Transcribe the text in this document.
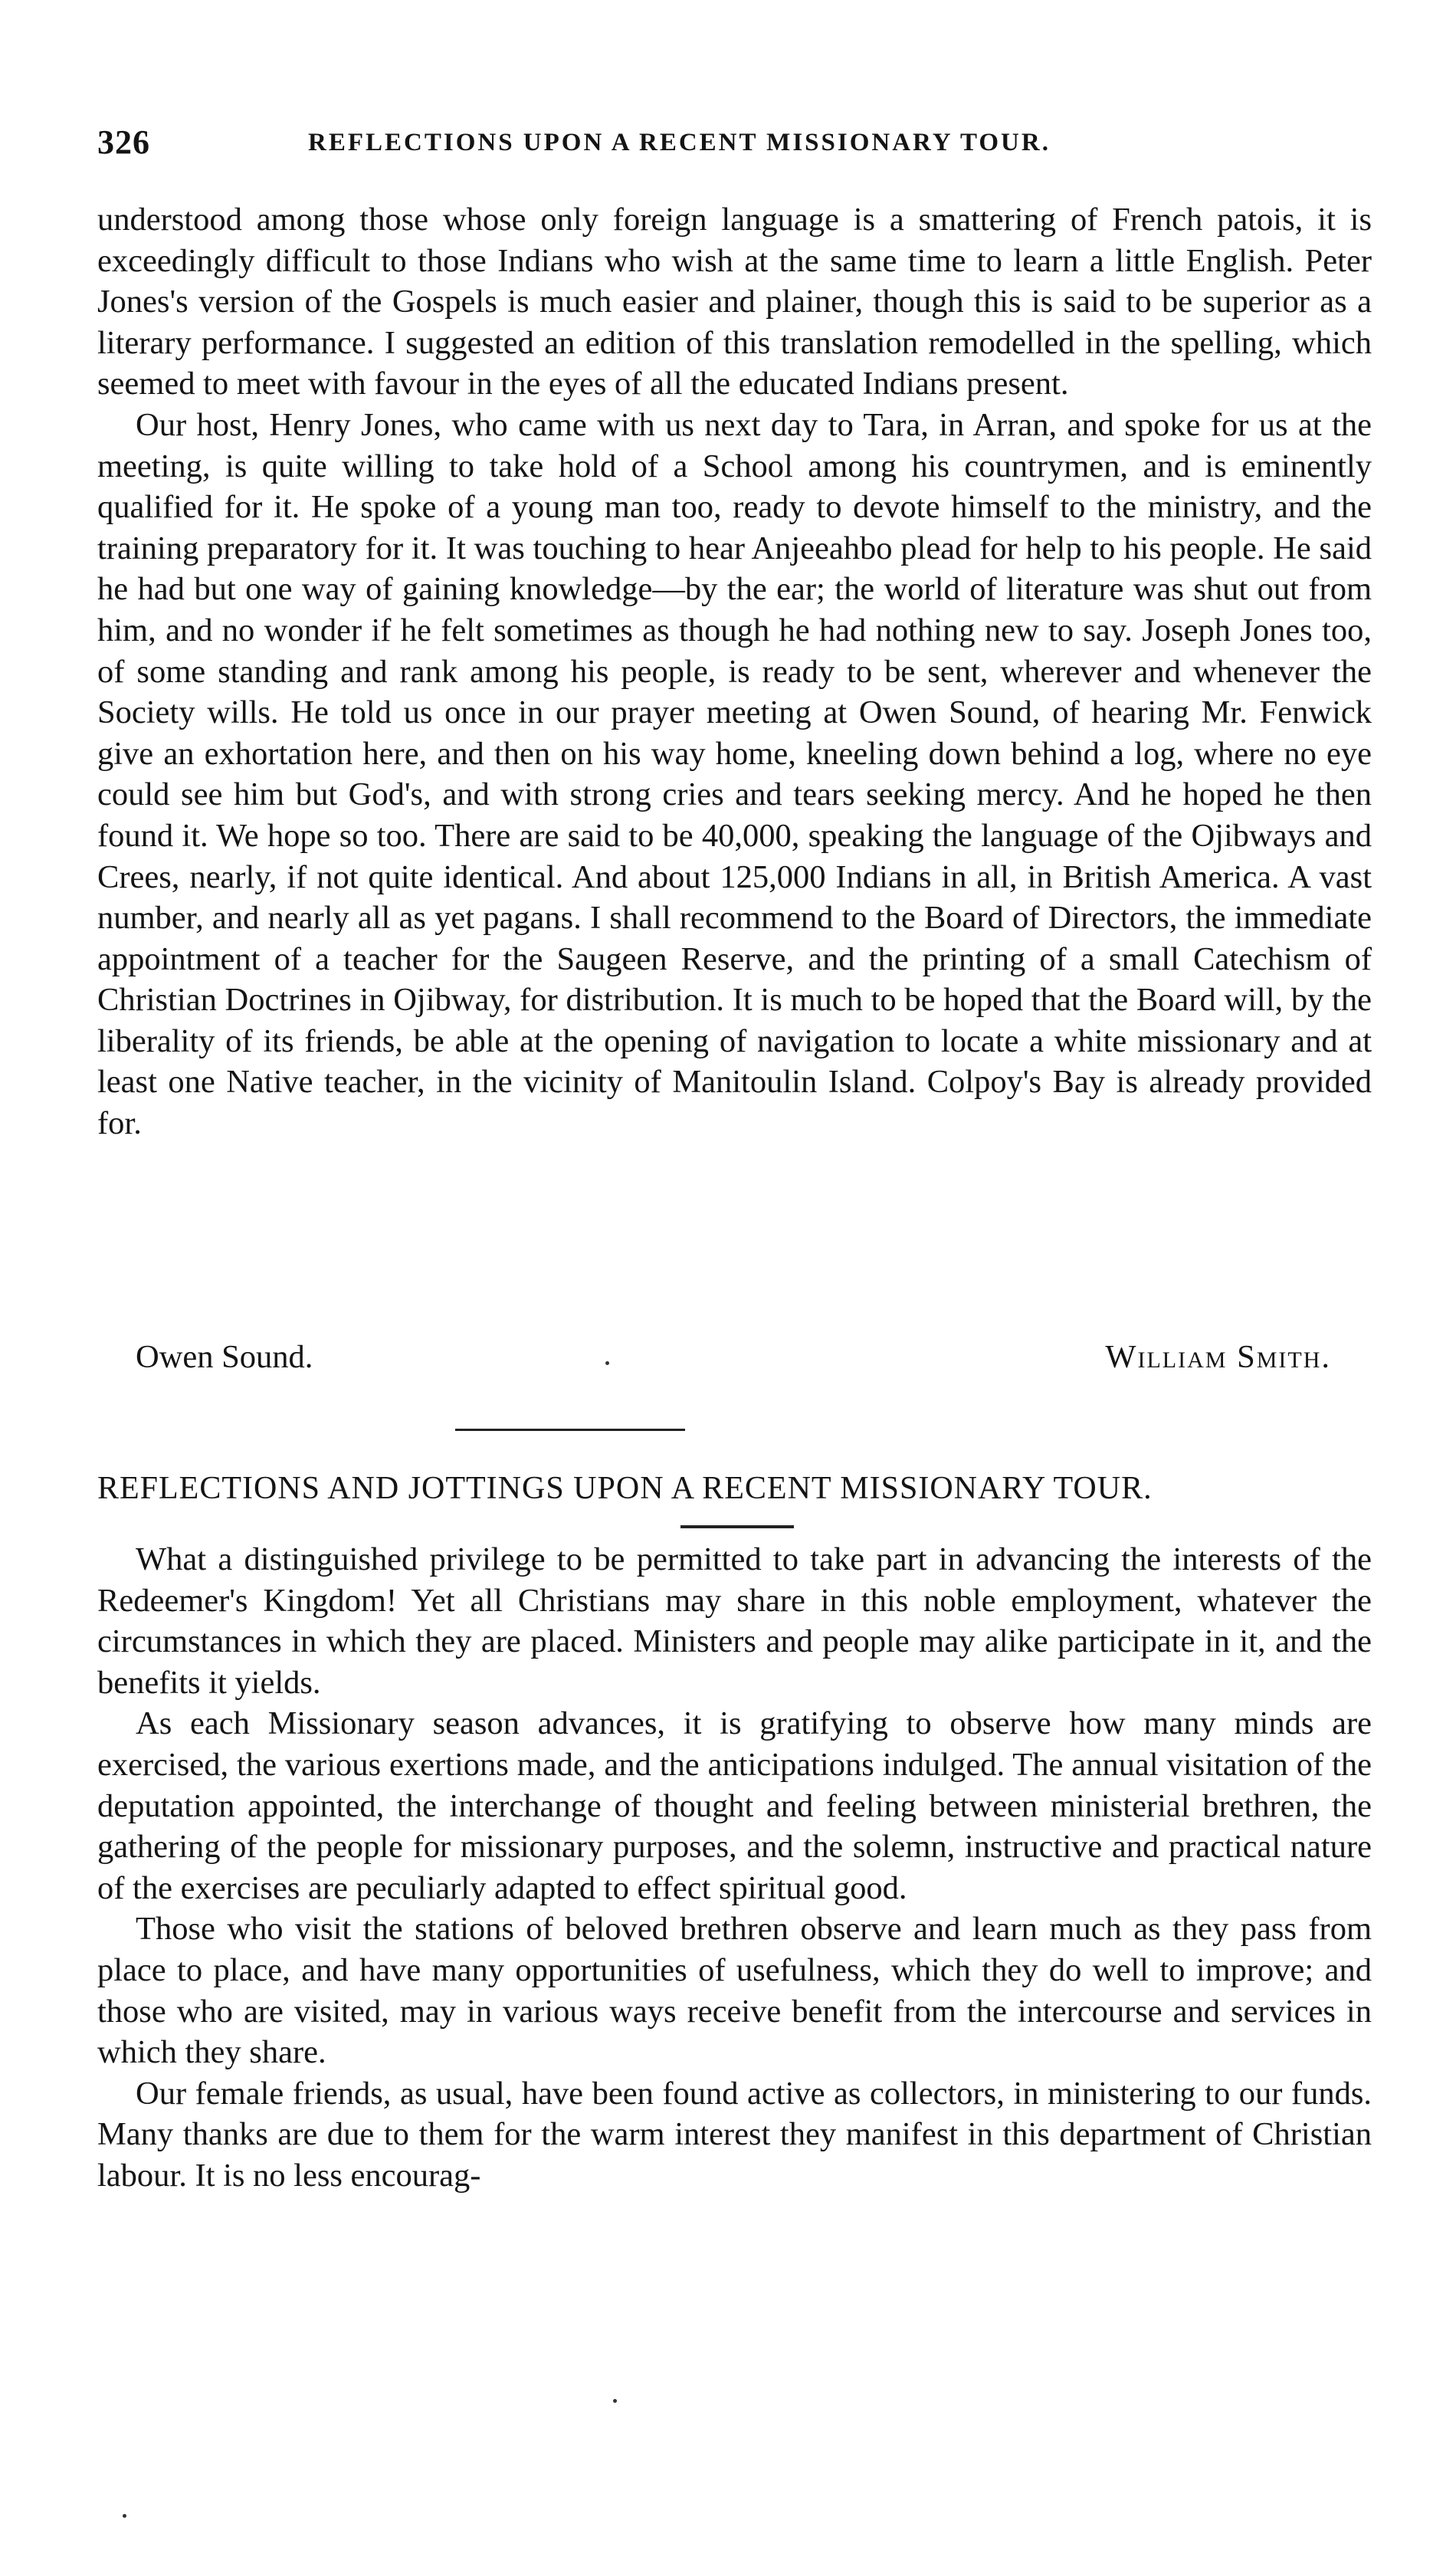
326	REFLECTIONS UPON A RECENT MISSIONARY TOUR.

understood among those whose only foreign language is a smattering of French patois, it is exceedingly difficult to those Indians who wish at the same time to learn a little English. Peter Jones's version of the Gospels is much easier and plainer, though this is said to be superior as a literary performance. I suggested an edition of this translation remodelled in the spelling, which seemed to meet with favour in the eyes of all the educated Indians present.

Our host, Henry Jones, who came with us next day to Tara, in Arran, and spoke for us at the meeting, is quite willing to take hold of a School among his countrymen, and is eminently qualified for it. He spoke of a young man too, ready to devote himself to the ministry, and the training preparatory for it. It was touching to hear Anjeeahbo plead for help to his people. He said he had but one way of gaining knowledge—by the ear; the world of literature was shut out from him, and no wonder if he felt sometimes as though he had nothing new to say. Joseph Jones too, of some standing and rank among his people, is ready to be sent, wherever and whenever the Society wills. He told us once in our prayer meeting at Owen Sound, of hearing Mr. Fenwick give an exhortation here, and then on his way home, kneeling down behind a log, where no eye could see him but God's, and with strong cries and tears seeking mercy. And he hoped he then found it. We hope so too. There are said to be 40,000, speaking the language of the Ojibways and Crees, nearly, if not quite identical. And about 125,000 Indians in all, in British America. A vast number, and nearly all as yet pagans. I shall recommend to the Board of Directors, the immediate appointment of a teacher for the Saugeen Reserve, and the printing of a small Catechism of Christian Doctrines in Ojibway, for distribution. It is much to be hoped that the Board will, by the liberality of its friends, be able at the opening of navigation to locate a white missionary and at least one Native teacher, in the vicinity of Manitoulin Island. Colpoy's Bay is already provided for.

Owen Sound.	William Smith.
REFLECTIONS AND JOTTINGS UPON A RECENT MISSIONARY TOUR.

What a distinguished privilege to be permitted to take part in advancing the interests of the Redeemer's Kingdom! Yet all Christians may share in this noble employment, whatever the circumstances in which they are placed. Ministers and people may alike participate in it, and the benefits it yields.

As each Missionary season advances, it is gratifying to observe how many minds are exercised, the various exertions made, and the anticipations indulged. The annual visitation of the deputation appointed, the interchange of thought and feeling between ministerial brethren, the gathering of the people for missionary purposes, and the solemn, instructive and practical nature of the exercises are peculiarly adapted to effect spiritual good.

Those who visit the stations of beloved brethren observe and learn much as they pass from place to place, and have many opportunities of usefulness, which they do well to improve; and those who are visited, may in various ways receive benefit from the intercourse and services in which they share.

Our female friends, as usual, have been found active as collectors, in ministering to our funds. Many thanks are due to them for the warm interest they manifest in this department of Christian labour. It is no less encourag-
